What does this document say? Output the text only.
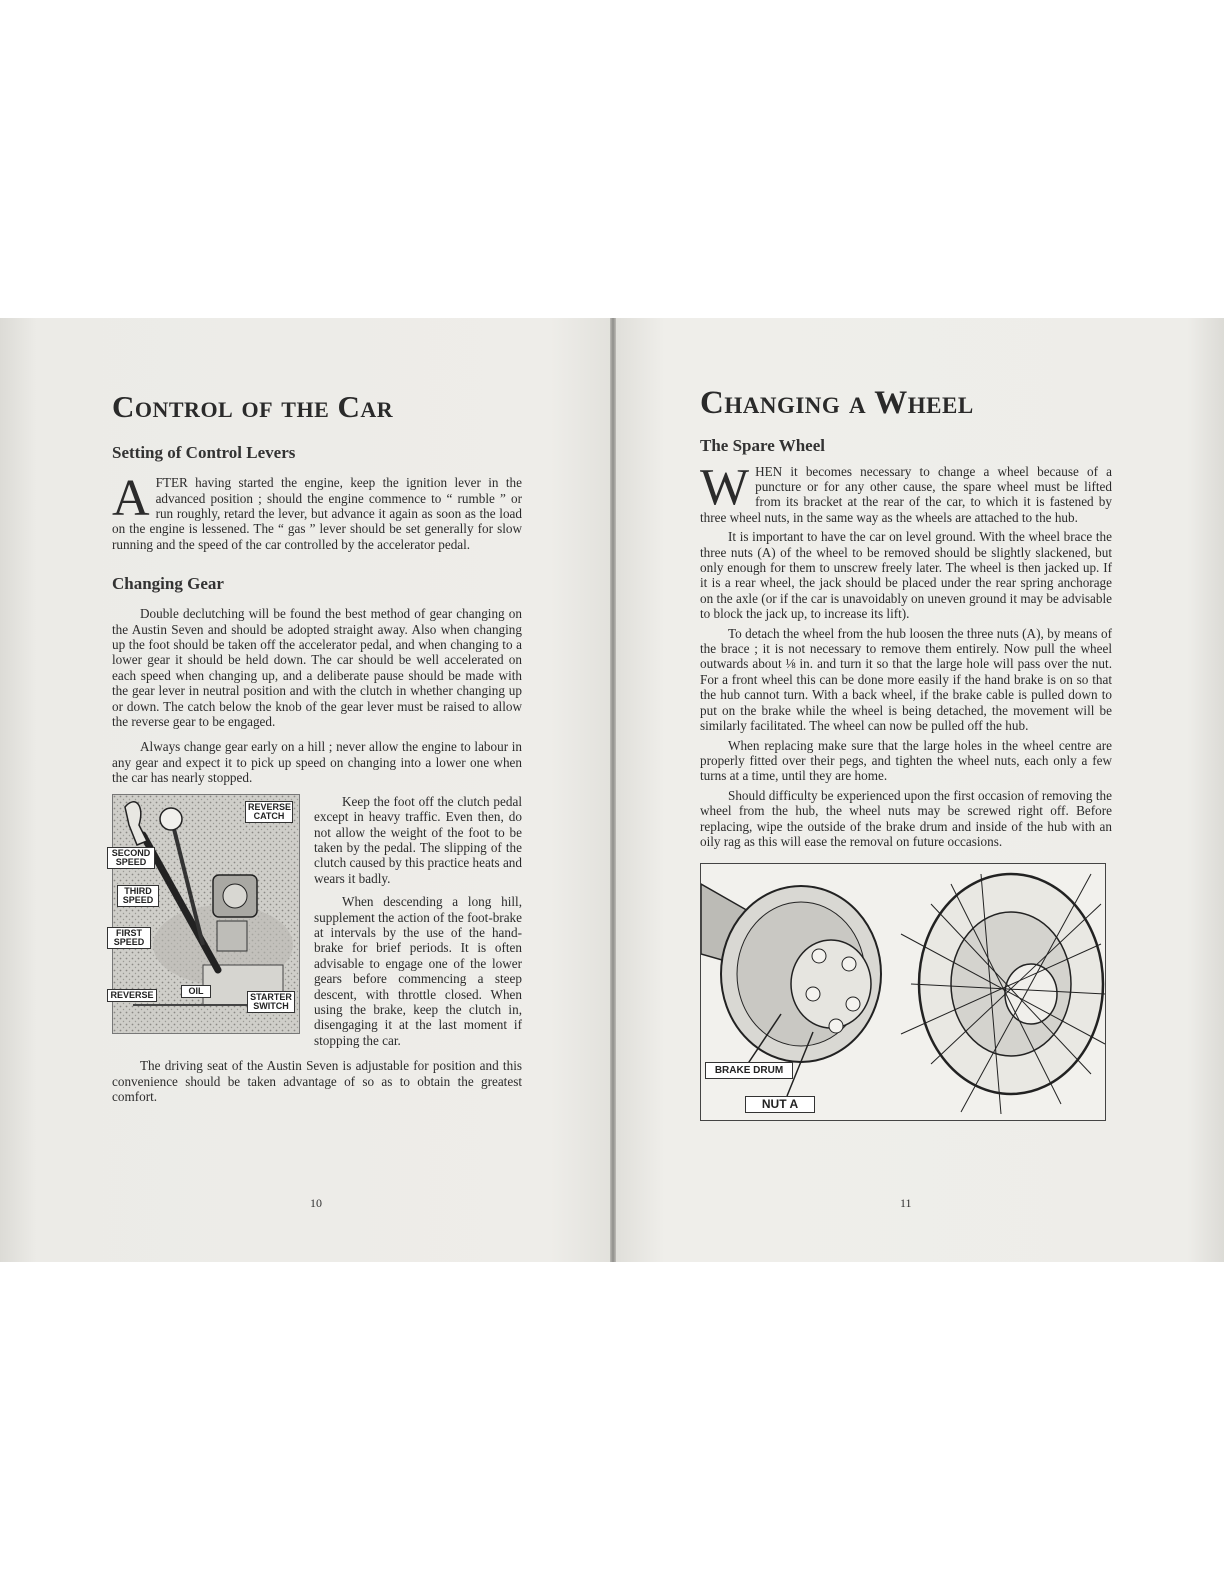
Control of the Car
Setting of Control Levers

AFTER having started the engine, keep the ignition lever in the advanced position ; should the engine commence to “ rumble ” or run roughly, retard the lever, but advance it again as soon as the load on the engine is lessened. The “ gas ” lever should be set generally for slow running and the speed of the car controlled by the accelerator pedal.

Changing Gear

Double declutching will be found the best method of gear changing on the Austin Seven and should be adopted straight away. Also when changing up the foot should be taken off the accelerator pedal, and when changing to a lower gear it should be held down. The car should be well accelerated on each speed when changing up, and a deliberate pause should be made with the gear lever in neutral position and with the clutch in whether changing up or down. The catch below the knob of the gear lever must be raised to allow the reverse gear to be engaged.

Always change gear early on a hill ; never allow the engine to labour in any gear and expect it to pick up speed on changing into a lower one when the car has nearly stopped.

REVERSE CATCH
SECOND SPEED
THIRD SPEED
FIRST SPEED
REVERSE	OIL
STARTER SWITCH

Keep the foot off the clutch pedal except in heavy traffic. Even then, do not allow the weight of the foot to be taken by the pedal. The slipping of the clutch caused by this practice heats and wears it badly.

When descending a long hill, supplement the action of the foot-brake at intervals by the use of the hand-brake for brief periods. It is often advisable to engage one of the lower gears before commencing a steep descent, with throttle closed. When using the brake, keep the clutch in, disengaging it at the last moment if stopping the car.

The driving seat of the Austin Seven is adjustable for position and this convenience should be taken advantage of so as to obtain the greatest comfort.

10
Changing a Wheel
The Spare Wheel

WHEN it becomes necessary to change a wheel because of a puncture or for any other cause, the spare wheel must be lifted from its bracket at the rear of the car, to which it is fastened by three wheel nuts, in the same way as the wheels are attached to the hub.

It is important to have the car on level ground. With the wheel brace the three nuts (A) of the wheel to be removed should be slightly slackened, but only enough for them to unscrew freely later. The wheel is then jacked up. If it is a rear wheel, the jack should be placed under the rear spring anchorage on the axle (or if the car is unavoidably on uneven ground it may be advisable to block the jack up, to increase its lift).

To detach the wheel from the hub loosen the three nuts (A), by means of the brace ; it is not necessary to remove them entirely. Now pull the wheel outwards about ⅛ in. and turn it so that the large hole will pass over the nut. For a front wheel this can be done more easily if the hand brake is on so that the hub cannot turn. With a back wheel, if the brake cable is pulled down to put on the brake while the wheel is being detached, the movement will be similarly facilitated. The wheel can now be pulled off the hub.

When replacing make sure that the large holes in the wheel centre are properly fitted over their pegs, and tighten the wheel nuts, each only a few turns at a time, until they are home.

Should difficulty be experienced upon the first occasion of removing the wheel from the hub, the wheel nuts may be screwed right off. Before replacing, wipe the outside of the brake drum and inside of the hub with an oily rag as this will ease the removal on future occasions.

BRAKE DRUM
NUT A
11
